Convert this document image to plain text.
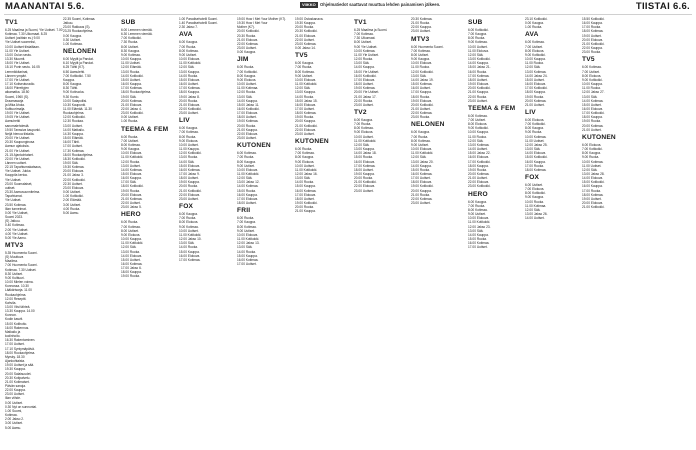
MAANANTAI 5.6.	VIIKKO	Ohjelmatiedot saattavat muuttua lehden painamisen jälkeen.	TIISTAI 6.6.
TV1
6.25 Maailma ja Suomi, Yle Uutiset. 7.00
Kotimaa. 7.30 Ulkomaat. 8.25
Uutiset (osittain sv.) 9.00
Yle Uutiset suomeksi,
10.00 Uutiset tiistailtaan.
11.00 Yle Uutiset.
13.00 Oulun seutu.
13.30 Muumit.
15.00 Yle Uutiset.
15.10 Porin seutu. 16.05
Lemmikkitarinat,
Lännen ympäri.
17.00 Yle Uutiset.
17.10 Kotiseuturadio.
18.00 Piirrettyjen
aikamatka. 18.50
Suomi, 1960 (S).
Draamasarja
ja Mika Ahola.
Kulttuurimalja.
19.00 Yle Uutiset.
19.05 Yle Uutiset.
Aamuhetki
sanomalehdestä.
19.50 Tanssiva kaupunki.
Neljä hienoa tiistaita.
20.00 Yle Uutiset.
20.30 Kaupunginosa
Aamun ajatuksia.
21.00 Yle Uutiset.
21.15 Ajankohtaiset.
22.00 Yle Uutiset.
Lännen uutiset.
22.15 Tapahtumakatsaus,
Yle Uutiset. Jukka
Kauppila kertoo.
Yle Uutiset.
23.00 Suomalaiset,
uutiset.
23.30 Aamusuunnitelma.
Tapahtumat.
Yle Uutiset.
23.50 Kotimaa.
Illan tunnelmat.
0.00 Yle Uutiset,
Suomi 2023.
(S) Jatkuu.
0.40 Kotimaa.
2.00 Yle Uutiset.
4.00 Yle Uutiset.
5.00 Yle Aamu.
MTV3
5.35 Huomenta Suomi.
(S) Muuttuva
Maailma.
7.00 Huomenta Suomi.
Kotimaa. 7.30 Uutiset.
8.30 Uutiset.
9.00 Kulttuuri.
10.00 Mielen voima.
Kunnossa. 10.30
Lääkärisarja. 11.00
Ruokaohjelma.
12.00 Reseptit.
Kahvila.
13.00 Viisi tähteä.
13.30 Kauppa. 14.00
Kunnon.
Kodin kasvit.
15.00 Kotihoito.
16.00 Rakennus.
Matkailu ja
kodinhoito.
16.30 Rakentaminen.
17.00 Uutiset.
17.10 Syntymäpäivä.
18.00 Ruokaohjelma.
Myrsky. 18.30
Ajankohtaista.
19.00 Uutiset ja sää.
19.30 Kauppa.
20.00 Salaisuudet.
20.30 Kotipalvelu.
21.00 Kotimaiset.
Päivän sanoja.
22.00 Kauppa.
23.00 Uutiset.
Illan viihde.
0.00 Uutiset.
0.30 Nyt on sunnuntai.
1.00 Suomi,
Kotimaa.
2.00 Jakso 2.
3.00 Uutiset.
5.00 Aamu.
22.35 Suomi, Kotimaa.
Jatkuu.
23.00 Rakkaus (S).
23.25 Ruokaohjelma.
0.00 Kauppa.
0.30 Uutiset.
1.00 Kotimaa.
NELONEN
6.00 Myytit ja Pandat.
6.10 Myytit ja Pandat.
6.25 Tähti (K7).
6.50 Aamulehti.
7.00 Kotikokki. 7.50
Kauppa.
8.00 Kauppa.
8.30 Tähti.
9.00 Kotiruoka.
9.30 Kunto.
10.00 Salapoliisi.
10.30 Kaupunki.
11.00 Elämää. 11.30
Ruokaohjelma.
12.00 Kotikokki.
12.30 Ruokaa.
13.00 Uutiset.
14.00 Matkailu.
14.30 Kauppa.
15.00 Elämää.
16.00 Tähti.
17.00 Uutiset.
17.30 Kotimaa.
18.00 Ruokaohjelma.
18.30 Kotikokki.
19.00 Sää.
19.30 Kotimaa.
20.00 Elokuva.
21.00 Jakso 3.
22.00 Kotikokki.
22.30 Uutiset.
23.00 Elokuva.
0.00 Uutiset.
1.00 Kotikokki.
2.00 Elämää.
3.00 Uutiset.
4.00 Ruoka.
5.00 Aamu.
SUB
6.00 Lemmen viemää.
6.30 Lemmen viemää.
7.00 Kotikokki.
7.30 Ruoka.
8.00 Uutiset.
8.30 Kauppa.
9.00 Kotimaa.
10.00 Kauppa.
11.00 Uutiset.
12.00 Elämää.
13.00 Ruoka.
14.00 Kotikokki.
15.00 Uutiset.
16.00 Kauppa.
17.00 Kotimaa.
18.00 Ruokaohjelma.
19.00 Sää.
20.00 Kotimaa.
21.00 Elokuva.
22.00 Jakso 4.
23.00 Kotikokki.
0.00 Uutiset.
1.00 Ruoka.
TEEMA & FEM
6.00 Ruoka.
7.00 Uutiset.
8.00 Kotimaa.
9.00 Kauppa.
10.00 Elokuva.
11.00 Kotikokki.
12.00 Ruoka.
13.00 Uutiset.
14.00 Kotimaa.
15.00 Elokuva.
16.00 Kauppa.
17.00 Sää.
18.00 Kotikokki.
19.00 Ruoka.
20.00 Elokuva.
21.00 Kotimaa.
22.00 Uutiset.
23.00 Jakso 5.
HERO
6.00 Ruoka.
7.00 Kotimaa.
8.00 Uutiset.
9.00 Elokuva.
10.00 Kauppa.
11.00 Kotikokki.
12.00 Sää.
13.00 Ruoka.
14.00 Elokuva.
15.00 Uutiset.
16.00 Kotimaa.
17.00 Jakso 6.
18.00 Kauppa.
19.00 Ruoka.
1.00 Paradisehotelli Suomi.
1.40 Paradisehotelli Suomi.
2.30 Jakso 7.
AVA
6.00 Kauppa.
7.00 Ruoka.
8.00 Kotimaa.
9.00 Uutiset.
10.00 Elokuva.
11.00 Kotikokki.
12.00 Sää.
13.00 Kauppa.
14.00 Ruoka.
15.00 Elokuva.
16.00 Uutiset.
17.00 Kotimaa.
18.00 Kauppa.
19.00 Jakso 8.
20.00 Ruoka.
21.00 Elokuva.
22.00 Kotikokki.
23.00 Uutiset.
LIV
6.00 Kauppa.
7.00 Kotimaa.
8.00 Ruoka.
9.00 Elokuva.
10.00 Uutiset.
11.00 Kauppa.
12.00 Kotikokki.
13.00 Ruoka.
14.00 Sää.
15.00 Elokuva.
16.00 Kotimaa.
17.00 Jakso 9.
18.00 Uutiset.
19.00 Kauppa.
20.00 Ruoka.
21.00 Kotikokki.
22.00 Elokuva.
23.00 Uutiset.
FOX
6.00 Kauppa.
7.00 Ruoka.
8.00 Elokuva.
9.00 Kotimaa.
10.00 Uutiset.
11.00 Kotikokki.
12.00 Jakso 10.
13.00 Sää.
14.00 Ruoka.
15.00 Kauppa.
16.00 Elokuva.
17.00 Kotimaa.
19.00 How I Met Your Mother (K7).
19.30 How I Met Your
Mother (K7).
20.00 Kotikokki.
20.30 Ruoka.
21.00 Elokuva.
22.00 Kotimaa.
23.00 Uutiset.
0.00 Kauppa.
JIM
6.00 Ruoka.
7.00 Kotikokki.
8.00 Kauppa.
9.00 Elokuva.
10.00 Uutiset.
11.00 Kotimaa.
12.00 Ruoka.
13.00 Sää.
14.00 Kauppa.
15.00 Jakso 11.
16.00 Kotikokki.
17.00 Elokuva.
18.00 Uutiset.
19.00 Kotimaa.
20.00 Ruoka.
21.00 Kauppa.
22.00 Elokuva.
23.00 Uutiset.
KUTONEN
6.00 Kotimaa.
7.00 Ruoka.
8.00 Kauppa.
9.00 Uutiset.
10.00 Elokuva.
11.00 Kotikokki.
12.00 Sää.
13.00 Jakso 12.
14.00 Kotimaa.
15.00 Ruoka.
16.00 Kauppa.
17.00 Elokuva.
18.00 Uutiset.
FRII
6.00 Ruoka.
7.00 Kauppa.
8.00 Kotimaa.
9.00 Uutiset.
10.00 Elokuva.
11.00 Kotikokki.
12.00 Jakso 13.
13.00 Sää.
14.00 Ruoka.
15.00 Kauppa.
16.00 Kotimaa.
17.00 Uutiset.
19.00 Ostoskanava.
19.30 Kauppa.
20.00 Ruoka.
20.30 Kotikokki.
21.00 Elokuva.
22.00 Uutiset.
23.00 Kotimaa.
0.00 Jakso 14.
TV5
6.00 Kauppa.
7.00 Ruoka.
8.00 Kotimaa.
9.00 Uutiset.
10.00 Elokuva.
11.00 Kotikokki.
12.00 Sää.
13.00 Kauppa.
14.00 Ruoka.
15.00 Jakso 15.
16.00 Elokuva.
17.00 Uutiset.
18.00 Kotimaa.
19.00 Ruoka.
20.00 Kauppa.
21.00 Kotikokki.
22.00 Elokuva.
23.00 Uutiset.
KUTONEN
6.00 Ruoka.
7.00 Kotimaa.
8.00 Kauppa.
9.00 Elokuva.
10.00 Uutiset.
11.00 Kotikokki.
12.00 Jakso 16.
13.00 Sää.
14.00 Ruoka.
15.00 Kauppa.
16.00 Kotimaa.
17.00 Elokuva.
18.00 Uutiset.
19.00 Kotikokki.
20.00 Ruoka.
21.00 Kauppa.
TV1
6.25 Maailma ja Suomi.
7.00 Kotimaa.
7.30 Ulkomaat.
8.00 Uutiset.
9.00 Yle Uutiset.
10.00 Kotimaa.
11.00 Yle Uutiset.
12.00 Ruoka.
13.00 Sää.
14.00 Kauppa.
15.00 Yle Uutiset.
16.00 Kotikokki.
17.00 Elokuva.
18.00 Uutiset.
19.00 Kotimaa.
20.00 Yle Uutiset.
21.00 Jakso 17.
22.00 Ruoka.
23.00 Uutiset.
TV2
6.00 Kauppa.
7.00 Ruoka.
8.00 Kotimaa.
9.00 Elokuva.
10.00 Uutiset.
11.00 Kotikokki.
12.00 Sää.
13.00 Kauppa.
14.00 Jakso 18.
15.00 Ruoka.
16.00 Elokuva.
17.00 Kotimaa.
18.00 Uutiset.
19.00 Kauppa.
20.00 Ruoka.
21.00 Kotikokki.
22.00 Elokuva.
23.00 Uutiset.
20.30 Kotimaa.
21.00 Ruoka.
22.00 Kauppa.
23.00 Uutiset.
MTV3
6.00 Huomenta Suomi.
7.00 Kotimaa.
8.00 Uutiset.
9.00 Kauppa.
10.00 Elokuva.
11.00 Ruoka.
12.00 Kotikokki.
13.00 Sää.
14.00 Jakso 19.
15.00 Kotimaa.
16.00 Uutiset.
17.00 Kauppa.
18.00 Ruoka.
19.00 Elokuva.
20.00 Kotikokki.
21.00 Uutiset.
22.00 Kotimaa.
23.00 Ruoka.
NELONEN
6.00 Kauppa.
7.00 Ruoka.
8.00 Kotimaa.
9.00 Uutiset.
10.00 Elokuva.
11.00 Kotikokki.
12.00 Sää.
13.00 Jakso 20.
14.00 Kauppa.
15.00 Ruoka.
16.00 Kotimaa.
17.00 Uutiset.
18.00 Elokuva.
19.00 Kotikokki.
20.00 Kauppa.
21.00 Ruoka.
22.00 Kotimaa.
23.00 Uutiset.
SUB
6.00 Kotikokki.
7.00 Kauppa.
8.00 Ruoka.
9.00 Kotimaa.
10.00 Uutiset.
11.00 Elokuva.
12.00 Sää.
13.00 Kotikokki.
14.00 Kauppa.
15.00 Jakso 21.
16.00 Ruoka.
17.00 Kotimaa.
18.00 Uutiset.
19.00 Elokuva.
20.00 Kotikokki.
21.00 Kauppa.
22.00 Ruoka.
23.00 Uutiset.
TEEMA & FEM
6.00 Kotimaa.
7.00 Uutiset.
8.00 Elokuva.
9.00 Kotikokki.
10.00 Kauppa.
11.00 Ruoka.
12.00 Sää.
13.00 Kotimaa.
14.00 Uutiset.
15.00 Jakso 22.
16.00 Elokuva.
17.00 Kotikokki.
18.00 Kauppa.
19.00 Ruoka.
20.00 Kotimaa.
21.00 Uutiset.
22.00 Elokuva.
23.00 Kotikokki.
HERO
6.00 Kauppa.
7.00 Ruoka.
8.00 Kotimaa.
9.00 Uutiset.
10.00 Elokuva.
11.00 Kotikokki.
12.00 Jakso 23.
13.00 Sää.
14.00 Kauppa.
15.00 Ruoka.
16.00 Kotimaa.
17.00 Uutiset.
23.10 Kotikokki.
0.00 Kauppa.
1.00 Ruoka.
AVA
6.00 Kotimaa.
7.00 Uutiset.
8.00 Elokuva.
9.00 Kotikokki.
10.00 Kauppa.
11.00 Ruoka.
12.00 Sää.
13.00 Kotimaa.
14.00 Jakso 24.
15.00 Uutiset.
16.00 Elokuva.
17.00 Kotikokki.
18.00 Kauppa.
19.00 Ruoka.
20.00 Kotimaa.
21.00 Uutiset.
LIV
6.00 Elokuva.
7.00 Kotikokki.
8.00 Kauppa.
9.00 Ruoka.
10.00 Kotimaa.
11.00 Uutiset.
12.00 Jakso 25.
13.00 Sää.
14.00 Elokuva.
15.00 Kotikokki.
16.00 Kauppa.
17.00 Ruoka.
18.00 Kotimaa.
FOX
6.00 Uutiset.
7.00 Elokuva.
8.00 Kotikokki.
9.00 Kauppa.
10.00 Ruoka.
11.00 Kotimaa.
12.00 Sää.
13.00 Jakso 26.
14.00 Uutiset.
15.50 Kotikokki.
16.00 Kauppa.
17.00 Ruoka.
18.00 Kotimaa.
19.00 Uutiset.
20.00 Elokuva.
21.00 Kotikokki.
22.00 Kauppa.
23.00 Ruoka.
TV5
6.00 Kotimaa.
7.00 Uutiset.
8.00 Elokuva.
9.00 Kotikokki.
10.00 Kauppa.
11.00 Ruoka.
12.00 Jakso 27.
13.00 Sää.
14.00 Kotimaa.
15.00 Uutiset.
16.00 Elokuva.
17.00 Kotikokki.
18.00 Kauppa.
19.00 Ruoka.
20.00 Kotimaa.
21.00 Uutiset.
KUTONEN
6.00 Elokuva.
7.00 Kotikokki.
8.00 Kauppa.
9.00 Ruoka.
10.00 Kotimaa.
11.00 Uutiset.
12.00 Sää.
13.00 Jakso 28.
14.00 Elokuva.
15.00 Kotikokki.
16.00 Kauppa.
17.00 Ruoka.
18.00 Kotimaa.
19.00 Uutiset.
20.00 Elokuva.
21.00 Kotikokki.
